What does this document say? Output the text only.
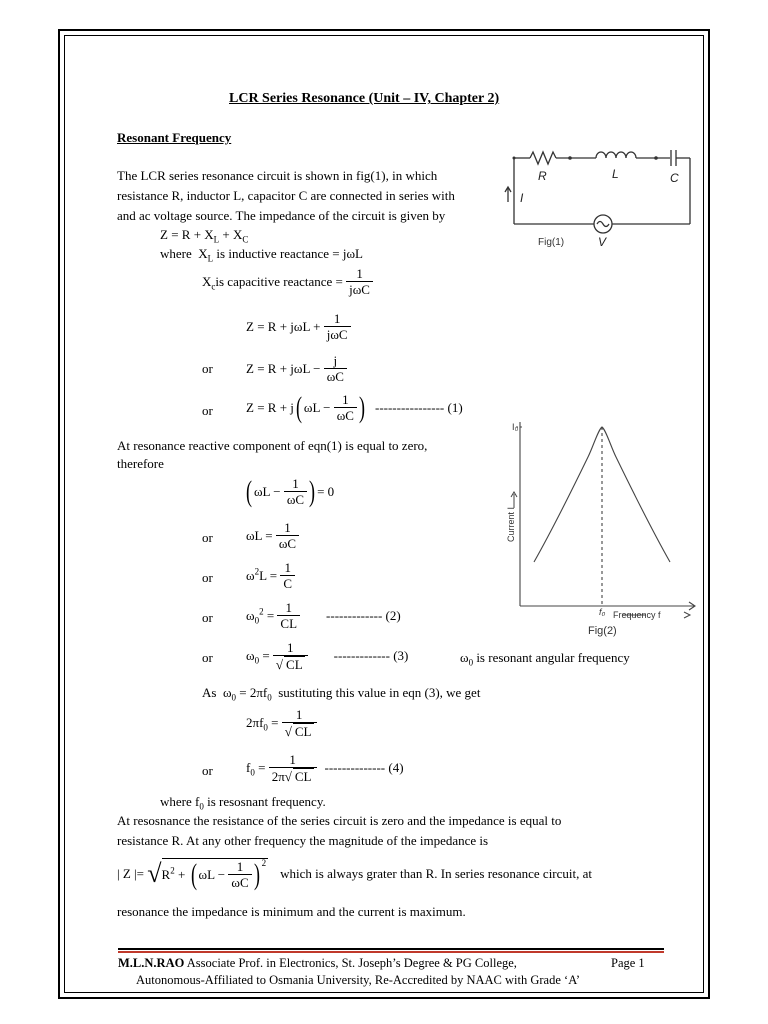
LCR Series Resonance (Unit – IV, Chapter 2)
Resonant Frequency
The LCR series resonance circuit is shown in fig(1), in which
resistance R, inductor L, capacitor C are connected in series with
and ac voltage source. The impedance of the circuit is given by
$Z = R + X_L + X_C$
where  $X_L$ is inductive reactance = jωL
$X_c$ is capacitive reactance =
$\frac{1}{\text{jωC}}$
$Z = R + j\omega L + \frac{1}{\text{jωC}}$
or	$Z = R + j\omega L - \frac{j}{\omega C}$
or	Z = R + j ( $\omega L - \frac{1}{\omega C}$ ) ---------------- (1)
At resonance reactive component of eqn(1) is equal to zero,
therefore
( $\omega L - \frac{1}{\omega C}$ ) = 0
or	$\omega L = \frac{1}{\omega C}$
or	$\omega^2L = \frac{1}{C}$
or	$\omega_0^2 = \frac{1}{CL}$ ------------- (2)
or	$\omega_0 = \frac{1}{√ CL}$ ------------- (3)	$\omega_0$ is resonant angular frequency
As  $\omega_0 = 2\pi f_0$ sustituting this value in eqn (3), we get
$2\pi f_0 = \frac{1}{√ CL}$
or	$f_0 = \frac{1}{2\pi√ CL}$ -------------- (4)
where $f_0$ is resosnant frequency.
At resosnance the resistance of the series circuit is zero and the impedance is equal to
resistance R. At any other frequency the magnitude of the impedance is
| Z |= √ $R^2$ + ( $\omega L - \frac{1}{\omega C}$ ) 2
which is always grater than R. In series resonance circuit, at
resonance the impedance is minimum and the current is maximum.
R	L	C
I
V
Fig(1)
I₀
f₀ Frequency f
Current I
Fig(2)
M.L.N.RAO Associate Prof. in Electronics, St. Joseph’s Degree & PG College,	Page 1
Autonomous-Affiliated to Osmania University, Re-Accredited by NAAC with Grade ‘A’
